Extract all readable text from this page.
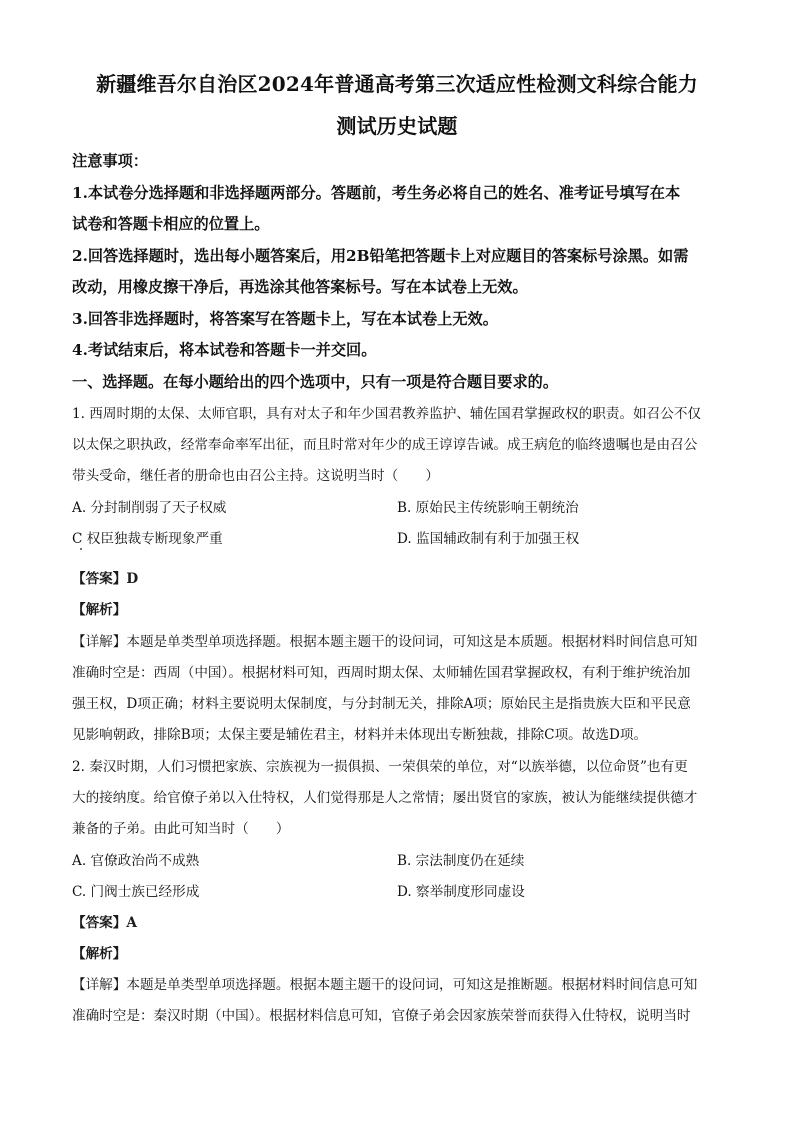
新疆维吾尔自治区2024年普通高考第三次适应性检测文科综合能力
测试历史试题
注意事项：
1.本试卷分选择题和非选择题两部分。答题前，考生务必将自己的姓名、准考证号填写在本
试卷和答题卡相应的位置上。
2.回答选择题时，选出每小题答案后，用2B铅笔把答题卡上对应题目的答案标号涂黑。如需
改动，用橡皮擦干净后，再选涂其他答案标号。写在本试卷上无效。
3.回答非选择题时，将答案写在答题卡上，写在本试卷上无效。
4.考试结束后，将本试卷和答题卡一并交回。
一、选择题。在每小题给出的四个选项中，只有一项是符合题目要求的。
1. 西周时期的太保、太师官职，具有对太子和年少国君教养监护、辅佐国君掌握政权的职责。如召公不仅
以太保之职执政，经常奉命率军出征，而且时常对年少的成王谆谆告诫。成王病危的临终遗嘱也是由召公
带头受命，继任者的册命也由召公主持。这说明当时（　　）
A. 分封制削弱了天子权威	B. 原始民主传统影响王朝统治
C 权臣独裁专断现象严重	D. 监国辅政制有利于加强王权
【答案】D
【解析】
【详解】本题是单类型单项选择题。根据本题主题干的设问词，可知这是本质题。根据材料时间信息可知
准确时空是：西周（中国）。根据材料可知，西周时期太保、太师辅佐国君掌握政权，有利于维护统治加
强王权，D项正确；材料主要说明太保制度，与分封制无关，排除A项；原始民主是指贵族大臣和平民意
见影响朝政，排除B项；太保主要是辅佐君主，材料并未体现出专断独裁，排除C项。故选D项。
2. 秦汉时期，人们习惯把家族、宗族视为一损俱损、一荣俱荣的单位，对“以族举德，以位命贤”也有更
大的接纳度。给官僚子弟以入仕特权，人们觉得那是人之常情；屡出贤官的家族，被认为能继续提供德才
兼备的子弟。由此可知当时（　　）
A. 官僚政治尚不成熟	B. 宗法制度仍在延续
C. 门阀士族已经形成	D. 察举制度形同虚设
【答案】A
【解析】
【详解】本题是单类型单项选择题。根据本题主题干的设问词，可知这是推断题。根据材料时间信息可知
准确时空是：秦汉时期（中国）。根据材料信息可知，官僚子弟会因家族荣誉而获得入仕特权，说明当时
